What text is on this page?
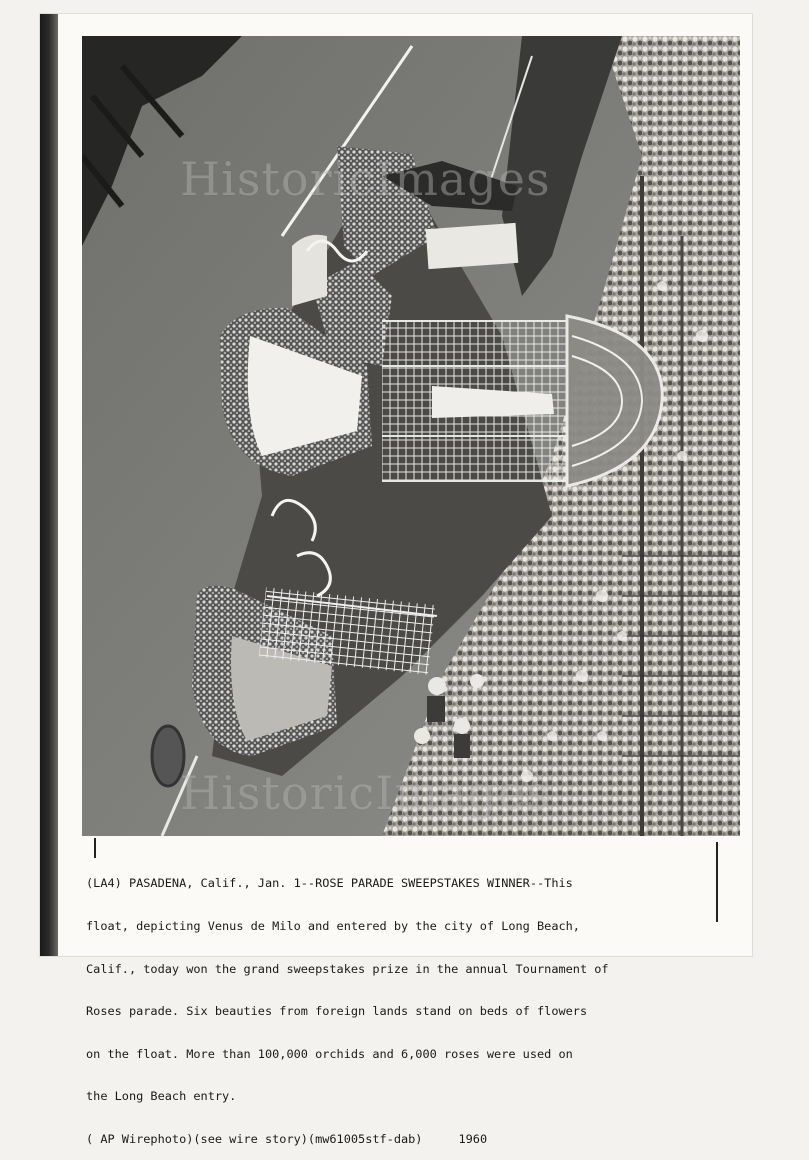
HistoricImages
HistoricImages

(LA4) PASADENA, Calif., Jan. 1--ROSE PARADE SWEEPSTAKES WINNER--This

float, depicting Venus de Milo and entered by the city of Long Beach,

Calif., today won the grand sweepstakes prize in the annual Tournament of

Roses parade. Six beauties from foreign lands stand on beds of flowers

on the float. More than 100,000 orchids and 6,000 roses were used on

the Long Beach entry.

( AP Wirephoto)(see wire story)(mw61005stf-dab)	1960
